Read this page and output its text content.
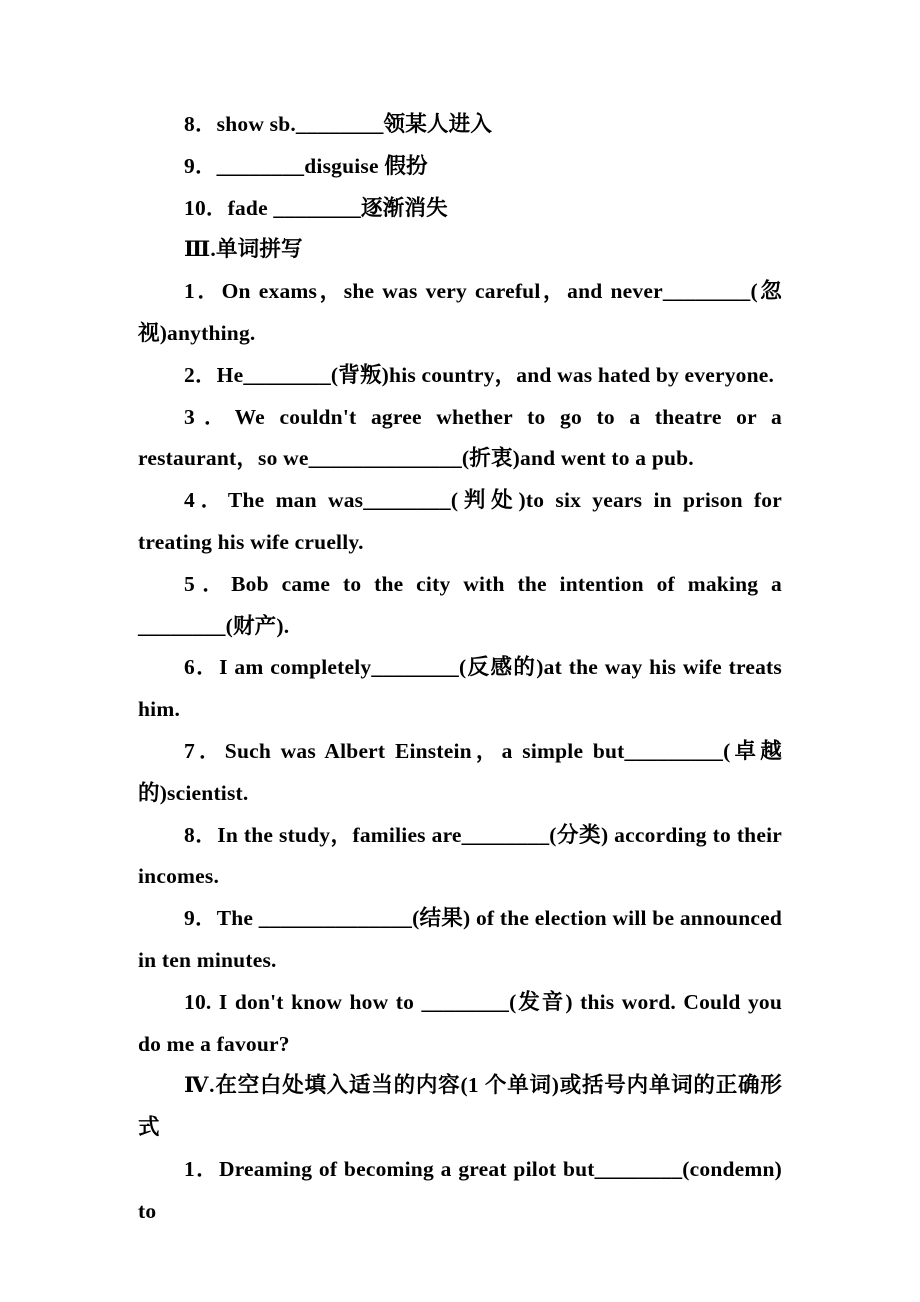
8．show sb.________领某人进入

9．________disguise 假扮

10．fade ________逐渐消失

Ⅲ.单词拼写

1．On exams，she was very careful，and never________(忽视)anything.

2．He________(背叛)his country，and was hated by everyone.

3．We couldn't agree whether to go to a theatre or a restaurant，so we______________(折衷)and went to a pub.

4．The man was________(判处)to six years in prison for treating his wife cruelly.

5．Bob came to the city with the intention of making a ________(财产).

6．I am completely________(反感的)at the way his wife treats him.

7．Such was Albert Einstein，a simple but_________(卓越的)scientist.

8．In the study，families are________(分类) according to their incomes.

9．The ______________(结果) of the election will be announced in ten minutes.

10. I don't know how to ________(发音) this word. Could you do me a favour?

Ⅳ.在空白处填入适当的内容(1 个单词)或括号内单词的正确形式

1．Dreaming of becoming a great pilot but________(condemn) to
